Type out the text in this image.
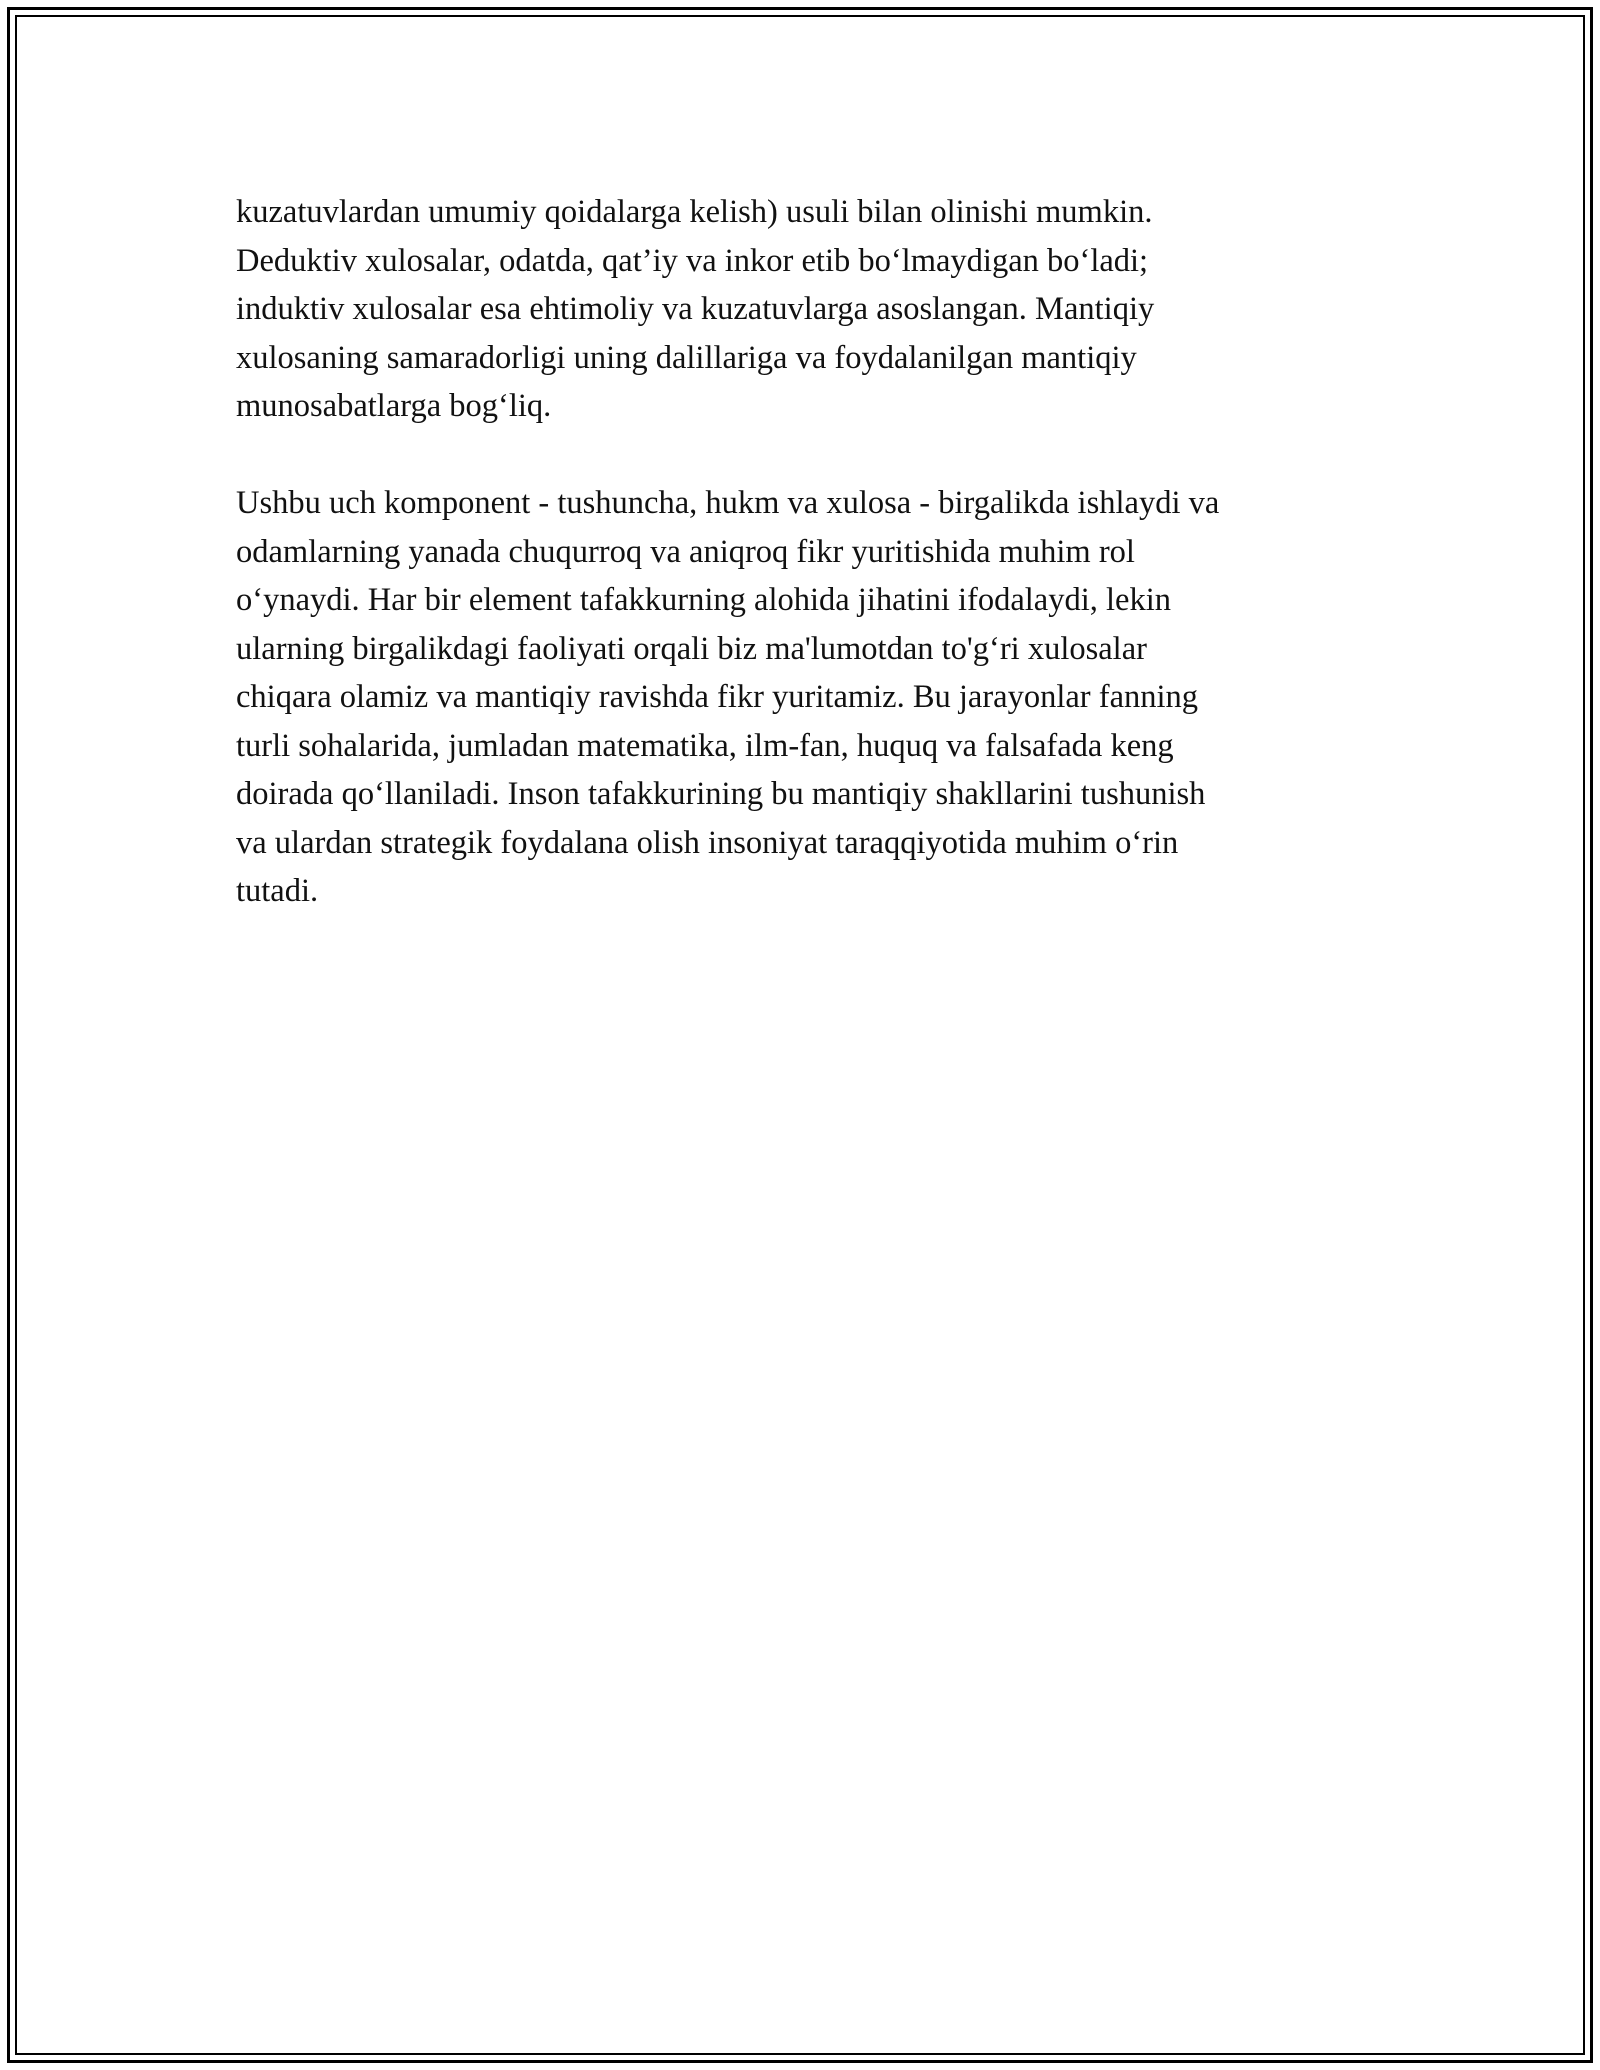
kuzatuvlardan umumiy qoidalarga kelish) usuli bilan olinishi mumkin.
Deduktiv xulosalar, odatda, qat’iy va inkor etib bo‘lmaydigan bo‘ladi;
induktiv xulosalar esa ehtimoliy va kuzatuvlarga asoslangan. Mantiqiy
xulosaning samaradorligi uning dalillariga va foydalanilgan mantiqiy
munosabatlarga bog‘liq.

Ushbu uch komponent - tushuncha, hukm va xulosa - birgalikda ishlaydi va
odamlarning yanada chuqurroq va aniqroq fikr yuritishida muhim rol
o‘ynaydi. Har bir element tafakkurning alohida jihatini ifodalaydi, lekin
ularning birgalikdagi faoliyati orqali biz ma'lumotdan to'g‘ri xulosalar
chiqara olamiz va mantiqiy ravishda fikr yuritamiz. Bu jarayonlar fanning
turli sohalarida, jumladan matematika, ilm-fan, huquq va falsafada keng
doirada qo‘llaniladi. Inson tafakkurining bu mantiqiy shakllarini tushunish
va ulardan strategik foydalana olish insoniyat taraqqiyotida muhim o‘rin
tutadi.
